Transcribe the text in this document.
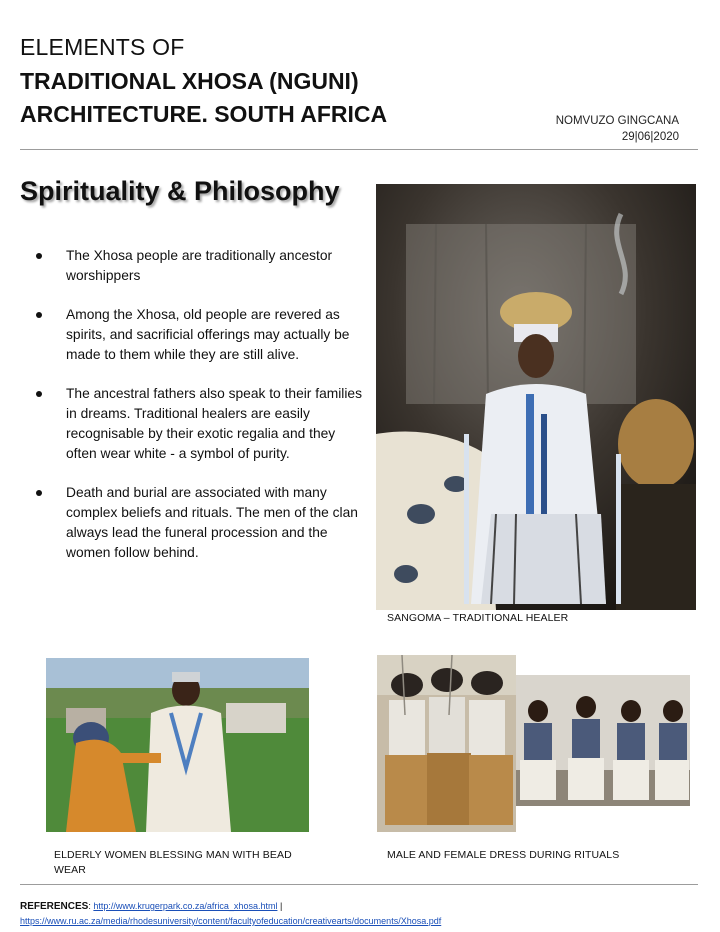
ELEMENTS OF
TRADITIONAL XHOSA (NGUNI)
ARCHITECTURE. SOUTH AFRICA	NOMVUZO GINGCANA
29|06|2020
Spirituality & Philosophy
The Xhosa people are traditionally ancestor worshippers
Among the Xhosa, old people are revered as spirits, and sacrificial offerings may actually be made to them while they are still alive.
The ancestral fathers also speak to their families in dreams. Traditional healers are easily recognisable by their exotic regalia and they often wear white - a symbol of purity.
Death and burial are associated with many complex beliefs and rituals. The men of the clan always lead the funeral procession and the women follow behind.
SANGOMA – TRADITIONAL HEALER
ELDERLY WOMEN BLESSING MAN WITH BEAD WEAR
MALE AND FEMALE DRESS DURING RITUALS
REFERENCES: http://www.krugerpark.co.za/africa_xhosa.html |
https://www.ru.ac.za/media/rhodesuniversity/content/facultyofeducation/creativearts/documents/Xhosa.pdf
